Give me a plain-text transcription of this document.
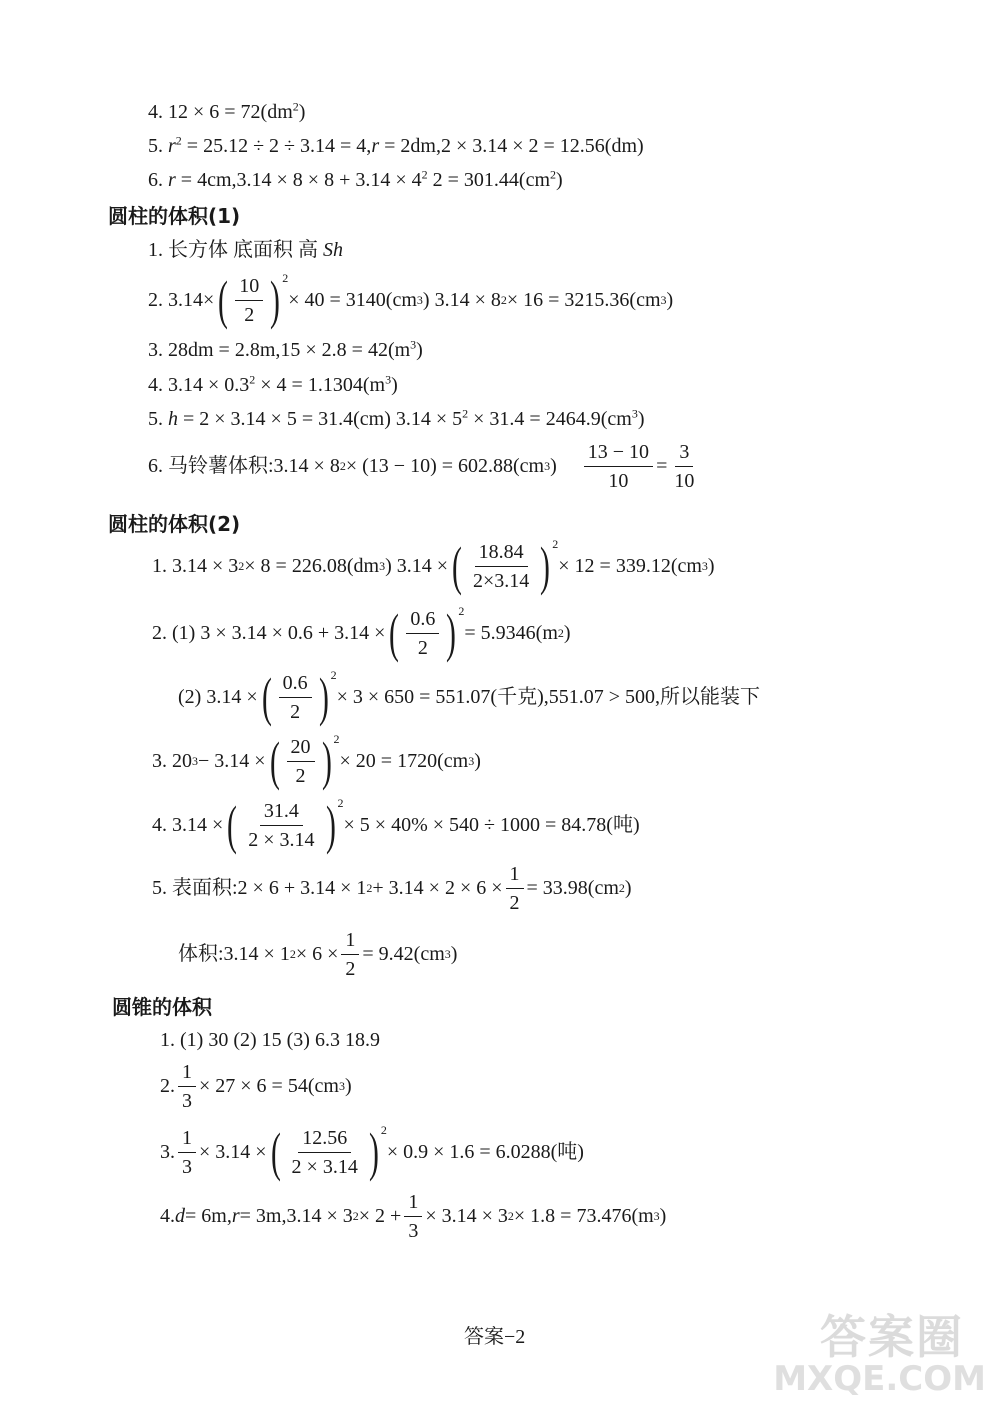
4. $12 \times 6 = 72(dm^2)$
5. $r^2 = 25.12 \div 2 \div 3.14 = 4,r = 2dm,2 \times 3.14 \times 2 = 12.56(dm)$
6. $r = 4cm,3.14 \times 8 \times 8 + 3.14 \times 4^2$ $2 = 301.44(cm^2)$
圆柱的体积(1)
1. 长方体 底面积 高 Sh
2. 3.14× ( $\frac{10}{2}$ ) 2
× 40 = 3140(cm 3 ) 3.14 × 8 2 × 16 = 3215.36(cm 3 )
3. $28dm = 2.8m,15 \times 2.8 = 42(m^3)$
4. $3.14 \times 0.3^2 \times 4 = 1.1304(m^3)$
5. h = 2 × 3.14 × 5 = 31.4(cm) $3.14 \times 5^2 \times 31.4 = 2464.9(cm^3)$
6. 马铃薯体积:3.14 × 8 2 × (13 − 10) = 602.88(cm 3 ) $\frac{13 - 10}{10} = \frac{3}{10}$
圆柱的体积(2)
1. 3.14 × 3 2 × 8 = 226.08(dm 3 ) 3.14 × ( $\frac{18.84}{2\times 3.14}$ ) 2
× 12 = 339.12(cm 3 )
2. (1) 3 × 3.14 × 0.6 + 3.14 × ( $\frac{0.6}{2}$ ) 2
= 5.9346(m 2 )
(2) 3.14 × ( $\frac{0.6}{2}$ ) 2
× 3 × 650 = 551.07(千克),551.07 > 500,所以能装下
3. 20 3 − 3.14 × ( $\frac{20}{2}$ ) 2
× 20 = 1720(cm 3 )
4. 3.14 × ( $\frac{31.4}{2 \times 3.14}$ ) 2
× 5 × 40% × 540 ÷ 1000 = 84.78(吨)
5. 表面积:2 × 6 + 3.14 × 1 $2 + 3.14 \times 2 \times 6 \times \frac{1}{2} = 33.98(cm$ 2 )
体积:3.14 × 1 $2 \times 6 \times \frac{1}{2} = 9.42(cm$ 3 )
圆锥的体积
1. (1) 30 (2) 15 (3) 6.3 18.9
2. $\frac{1}{3} \times 27 \times 6 = 54(cm$ 3 )
3. $\frac{1}{3} \times 3.14$ × ( $\frac{12.56}{2 \times 3.14}$ ) 2
× 0.9 × 1.6 = 6.0288(吨)
4. d = 6m, r = 3m,3.14 × 3 $2 \times 2 + \frac{1}{3} \times 3.14 \times 3$ 2 × 1.8 = 73.476(m 3 )
答案−2	答案圈
MXQE.COM
